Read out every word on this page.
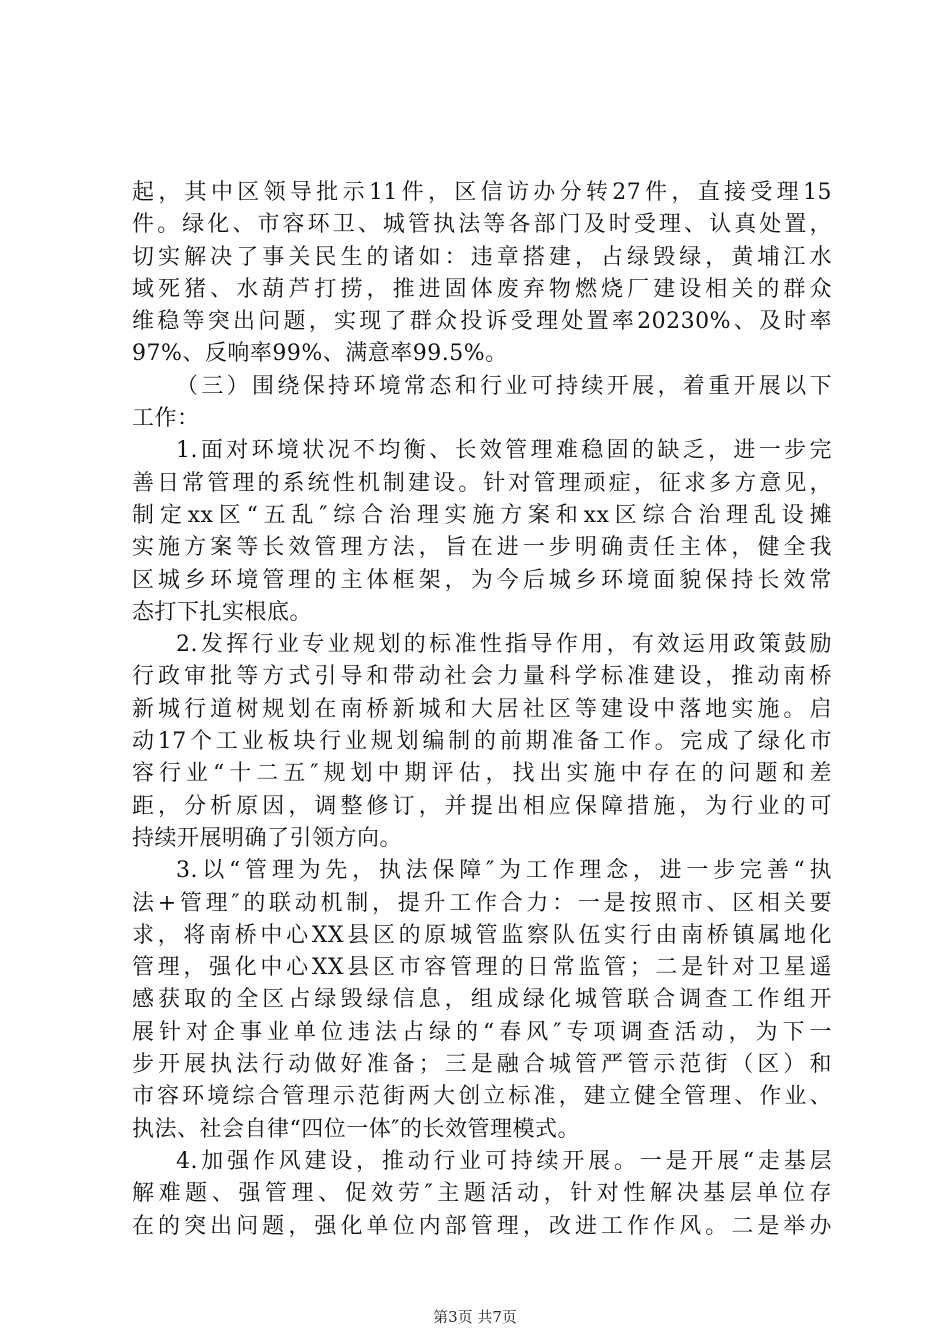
起，其中区领导批示11件，区信访办分转27件，直接受理15
件。绿化、市容环卫、城管执法等各部门及时受理、认真处置，
切实解决了事关民生的诸如：违章搭建，占绿毁绿，黄埔江水
域死猪、水葫芦打捞，推进固体废弃物燃烧厂建设相关的群众
维稳等突出问题，实现了群众投诉受理处置率20230%、及时率
97%、反响率99%、满意率99.5%。
（三）围绕保持环境常态和行业可持续开展，着重开展以下
工作：
1.面对环境状况不均衡、长效管理难稳固的缺乏，进一步完
善日常管理的系统性机制建设。针对管理顽症，征求多方意见，
制定xx区“五乱″综合治理实施方案和xx区综合治理乱设摊
实施方案等长效管理方法，旨在进一步明确责任主体，健全我
区城乡环境管理的主体框架，为今后城乡环境面貌保持长效常
态打下扎实根底。
2.发挥行业专业规划的标准性指导作用，有效运用政策鼓励
行政审批等方式引导和带动社会力量科学标准建设，推动南桥
新城行道树规划在南桥新城和大居社区等建设中落地实施。启
动17个工业板块行业规划编制的前期准备工作。完成了绿化市
容行业“十二五″规划中期评估，找出实施中存在的问题和差
距，分析原因，调整修订，并提出相应保障措施，为行业的可
持续开展明确了引领方向。
3.以“管理为先，执法保障″为工作理念，进一步完善“执
法+管理″的联动机制，提升工作合力：一是按照市、区相关要
求，将南桥中心XX县区的原城管监察队伍实行由南桥镇属地化
管理，强化中心XX县区市容管理的日常监管；二是针对卫星遥
感获取的全区占绿毁绿信息，组成绿化城管联合调查工作组开
展针对企事业单位违法占绿的“春风″专项调查活动，为下一
步开展执法行动做好准备；三是融合城管严管示范街（区）和
市容环境综合管理示范街两大创立标准，建立健全管理、作业、
执法、社会自律“四位一体″的长效管理模式。
4.加强作风建设，推动行业可持续开展。一是开展“走基层
解难题、强管理、促效劳″主题活动，针对性解决基层单位存
在的突出问题，强化单位内部管理，改进工作作风。二是举办
第3页 共7页
